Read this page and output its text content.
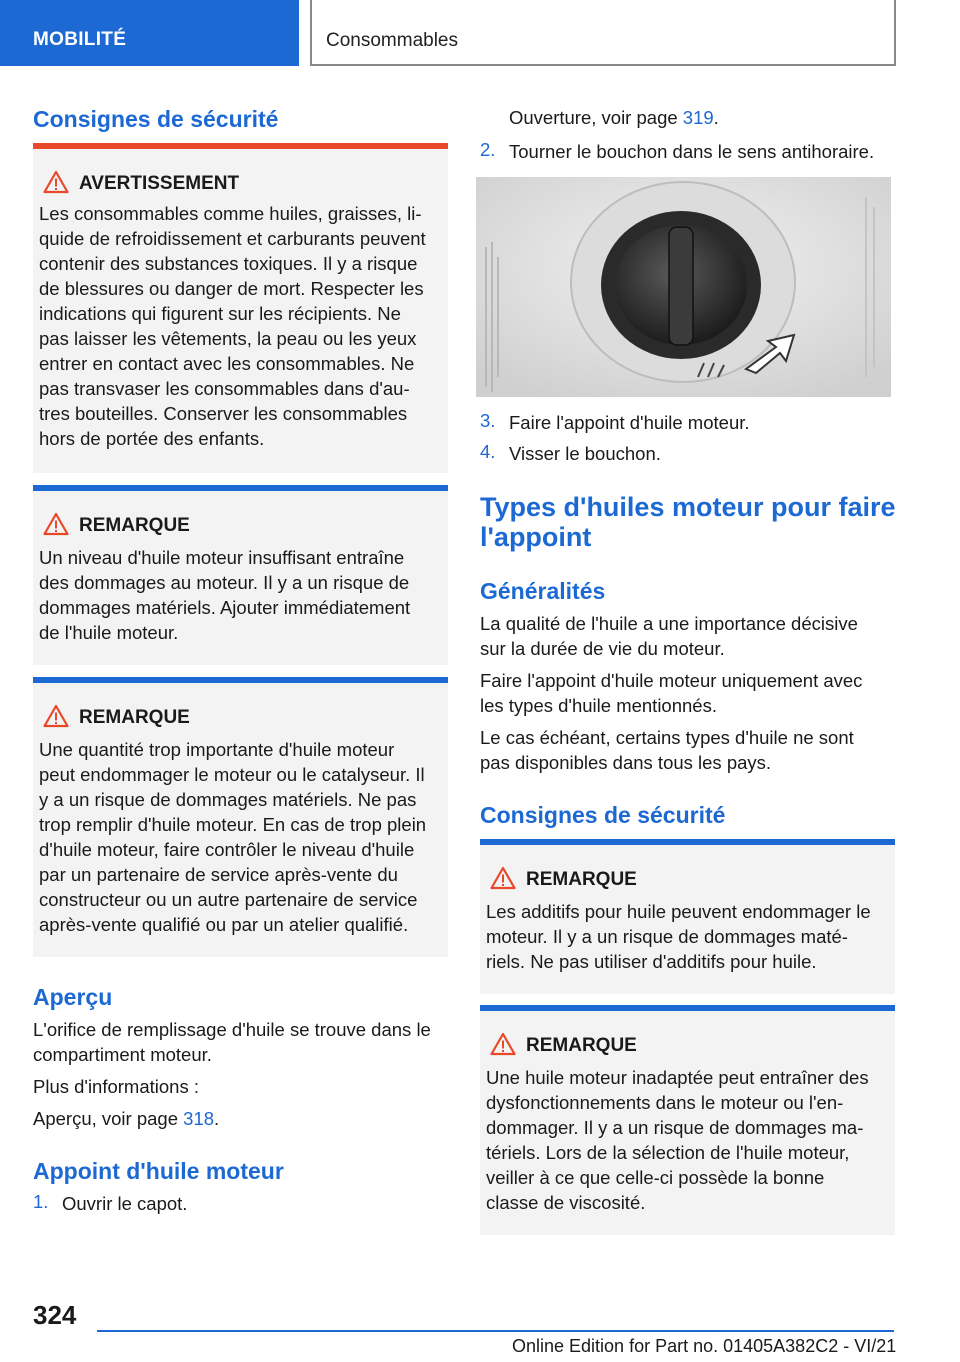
MOBILITÉ	Consommables
Consignes de sécurité
AVERTISSEMENT
Les consommables comme huiles, graisses, li-
quide de refroidissement et carburants peuvent
contenir des substances toxiques. Il y a risque
de blessures ou danger de mort. Respecter les
indications qui figurent sur les récipients. Ne
pas laisser les vêtements, la peau ou les yeux
entrer en contact avec les consommables. Ne
pas transvaser les consommables dans d'au-
tres bouteilles. Conserver les consommables
hors de portée des enfants.
REMARQUE
Un niveau d'huile moteur insuffisant entraîne
des dommages au moteur. Il y a un risque de
dommages matériels. Ajouter immédiatement
de l'huile moteur.
REMARQUE
Une quantité trop importante d'huile moteur
peut endommager le moteur ou le catalyseur. Il
y a un risque de dommages matériels. Ne pas
trop remplir d'huile moteur. En cas de trop plein
d'huile moteur, faire contrôler le niveau d'huile
par un partenaire de service après-vente du
constructeur ou un autre partenaire de service
après-vente qualifié ou par un atelier qualifié.
Aperçu
L'orifice de remplissage d'huile se trouve dans le
compartiment moteur.
Plus d'informations :
Aperçu, voir page 318.
Appoint d'huile moteur
1. Ouvrir le capot.
Ouverture, voir page 319.
2. Tourner le bouchon dans le sens antihoraire.
3. Faire l'appoint d'huile moteur.
4. Visser le bouchon.
Types d'huiles moteur pour faire
l'appoint
Généralités
La qualité de l'huile a une importance décisive
sur la durée de vie du moteur.
Faire l'appoint d'huile moteur uniquement avec
les types d'huile mentionnés.
Le cas échéant, certains types d'huile ne sont
pas disponibles dans tous les pays.
Consignes de sécurité
REMARQUE
Les additifs pour huile peuvent endommager le
moteur. Il y a un risque de dommages maté-
riels. Ne pas utiliser d'additifs pour huile.
REMARQUE
Une huile moteur inadaptée peut entraîner des
dysfonctionnements dans le moteur ou l'en-
dommager. Il y a un risque de dommages ma-
tériels. Lors de la sélection de l'huile moteur,
veiller à ce que celle-ci possède la bonne
classe de viscosité.
324
Online Edition for Part no. 01405A382C2 - VI/21
